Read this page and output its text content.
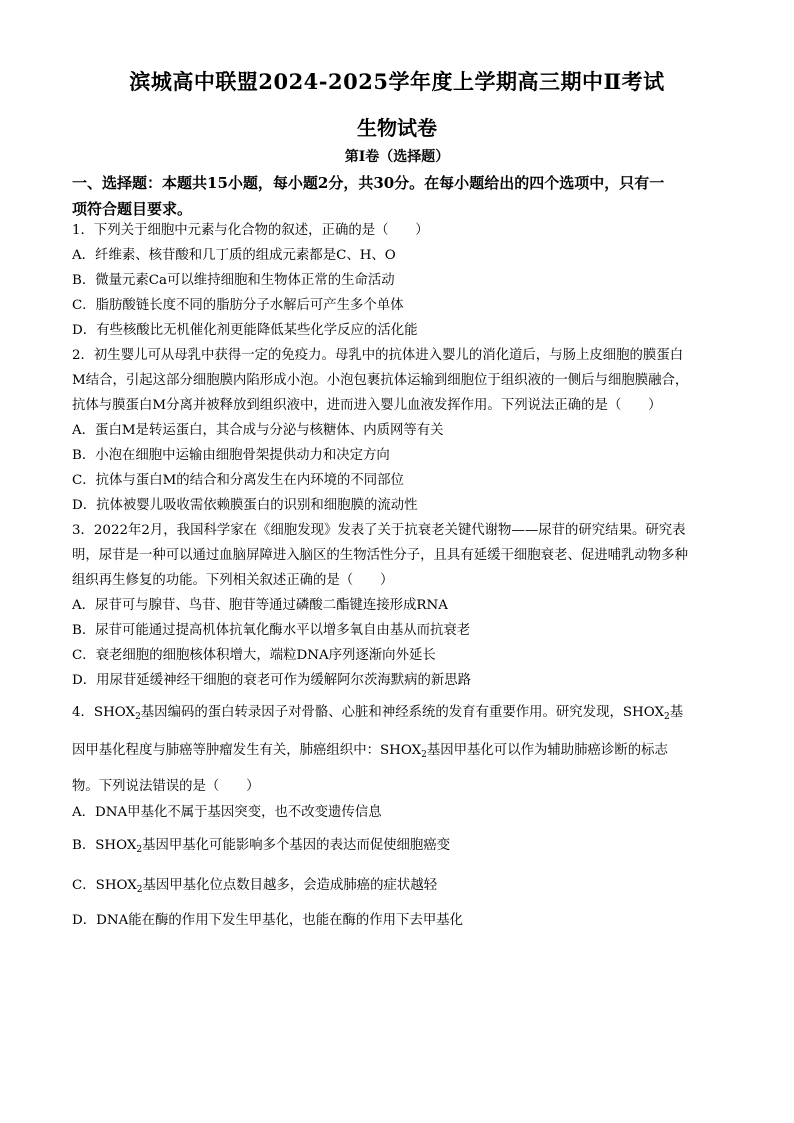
滨城高中联盟2024-2025学年度上学期高三期中Ⅱ考试
生物试卷
第Ⅰ卷（选择题）
一、选择题：本题共15小题，每小题2分，共30分。在每小题给出的四个选项中，只有一
项符合题目要求。
1．下列关于细胞中元素与化合物的叙述，正确的是（　　）
A．纤维素、核苷酸和几丁质的组成元素都是C、H、O
B．微量元素Ca可以维持细胞和生物体正常的生命活动
C．脂肪酸链长度不同的脂肪分子水解后可产生多个单体
D．有些核酸比无机催化剂更能降低某些化学反应的活化能
2．初生婴儿可从母乳中获得一定的免疫力。母乳中的抗体进入婴儿的消化道后，与肠上皮细胞的膜蛋白
M结合，引起这部分细胞膜内陷形成小泡。小泡包裹抗体运输到细胞位于组织液的一侧后与细胞膜融合，
抗体与膜蛋白M分离并被释放到组织液中，进而进入婴儿血液发挥作用。下列说法正确的是（　　）
A．蛋白M是转运蛋白，其合成与分泌与核糖体、内质网等有关
B．小泡在细胞中运输由细胞骨架提供动力和决定方向
C．抗体与蛋白M的结合和分离发生在内环境的不同部位
D．抗体被婴儿吸收需依赖膜蛋白的识别和细胞膜的流动性
3．2022年2月，我国科学家在《细胞发现》发表了关于抗衰老关键代谢物——尿苷的研究结果。研究表
明，尿苷是一种可以通过血脑屏障进入脑区的生物活性分子，且具有延缓干细胞衰老、促进哺乳动物多种
组织再生修复的功能。下列相关叙述正确的是（　　）
A．尿苷可与腺苷、鸟苷、胞苷等通过磷酸二酯键连接形成RNA
B．尿苷可能通过提高机体抗氧化酶水平以增多氧自由基从而抗衰老
C．衰老细胞的细胞核体积增大，端粒DNA序列逐渐向外延长
D．用尿苷延缓神经干细胞的衰老可作为缓解阿尔茨海默病的新思路
4．$SHOX_2$基因编码的蛋白转录因子对骨骼、心脏和神经系统的发育有重要作用。研究发现，$SHOX_2$基
因甲基化程度与肺癌等肿瘤发生有关，肺癌组织中：$SHOX_2$基因甲基化可以作为辅助肺癌诊断的标志
物。下列说法错误的是（　　）
A．DNA甲基化不属于基因突变，也不改变遗传信息
B．$SHOX_2$基因甲基化可能影响多个基因的表达而促使细胞癌变
C．$SHOX_2$基因甲基化位点数目越多，会造成肺癌的症状越轻
D．DNA能在酶的作用下发生甲基化，也能在酶的作用下去甲基化
